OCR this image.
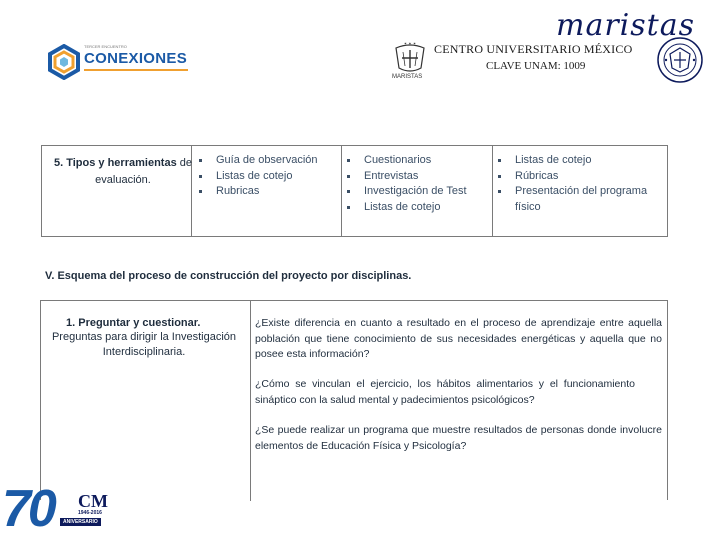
TERCER ENCUENTRO
CONEXIONES
maristas
✶ ✶ ✶
MARISTAS
CENTRO UNIVERSITARIO MÉXICO
CLAVE UNAM: 1009
5. Tipos y herramientas de evaluación.
Guía de observación
Listas de cotejo
Rubricas
Cuestionarios
Entrevistas
Investigación de Test
Listas de cotejo
Listas de cotejo
Rúbricas
Presentación del programa físico
V. Esquema del proceso de construcción del proyecto por disciplinas.
1. Preguntar y cuestionar.
Preguntas para dirigir la Investigación Interdisciplinaria.
¿Existe diferencia en cuanto a resultado en el proceso de aprendizaje entre aquella población que tiene conocimiento de sus necesidades energéticas y aquella que no posee esta información?
¿Cómo se vinculan el ejercicio, los hábitos alimentarios y el funcionamiento sináptico con la salud mental y padecimientos psicológicos?
¿Se puede realizar un programa que muestre resultados de personas donde involucre elementos de Educación Física y Psicología?
70 CM
1946-2016
ANIVERSARIO
